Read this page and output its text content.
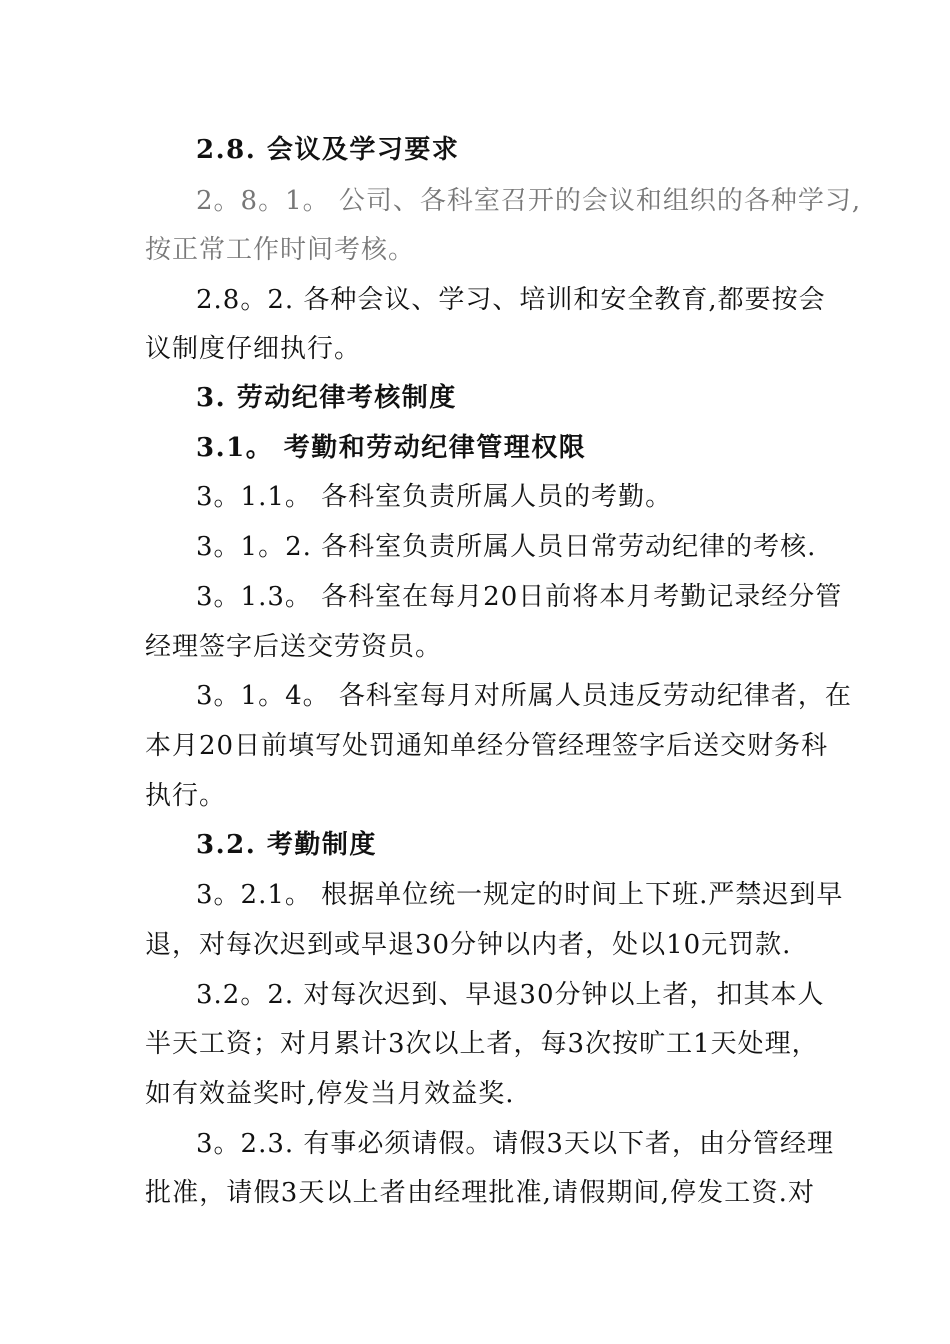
2.8. 会议及学习要求
2。8。1。 公司、各科室召开的会议和组织的各种学习,
按正常工作时间考核。
2.8。2. 各种会议、学习、培训和安全教育,都要按会
议制度仔细执行。
3. 劳动纪律考核制度
3.1。 考勤和劳动纪律管理权限
3。1.1。 各科室负责所属人员的考勤。
3。1。2. 各科室负责所属人员日常劳动纪律的考核.
3。1.3。 各科室在每月20日前将本月考勤记录经分管
经理签字后送交劳资员。
3。1。4。 各科室每月对所属人员违反劳动纪律者，在
本月20日前填写处罚通知单经分管经理签字后送交财务科
执行。
3.2. 考勤制度
3。2.1。 根据单位统一规定的时间上下班.严禁迟到早
退，对每次迟到或早退30分钟以内者，处以10元罚款.
3.2。2. 对每次迟到、早退30分钟以上者，扣其本人
半天工资；对月累计3次以上者，每3次按旷工1天处理，
如有效益奖时,停发当月效益奖.
3。2.3. 有事必须请假。请假3天以下者，由分管经理
批准，请假3天以上者由经理批准,请假期间,停发工资.对
